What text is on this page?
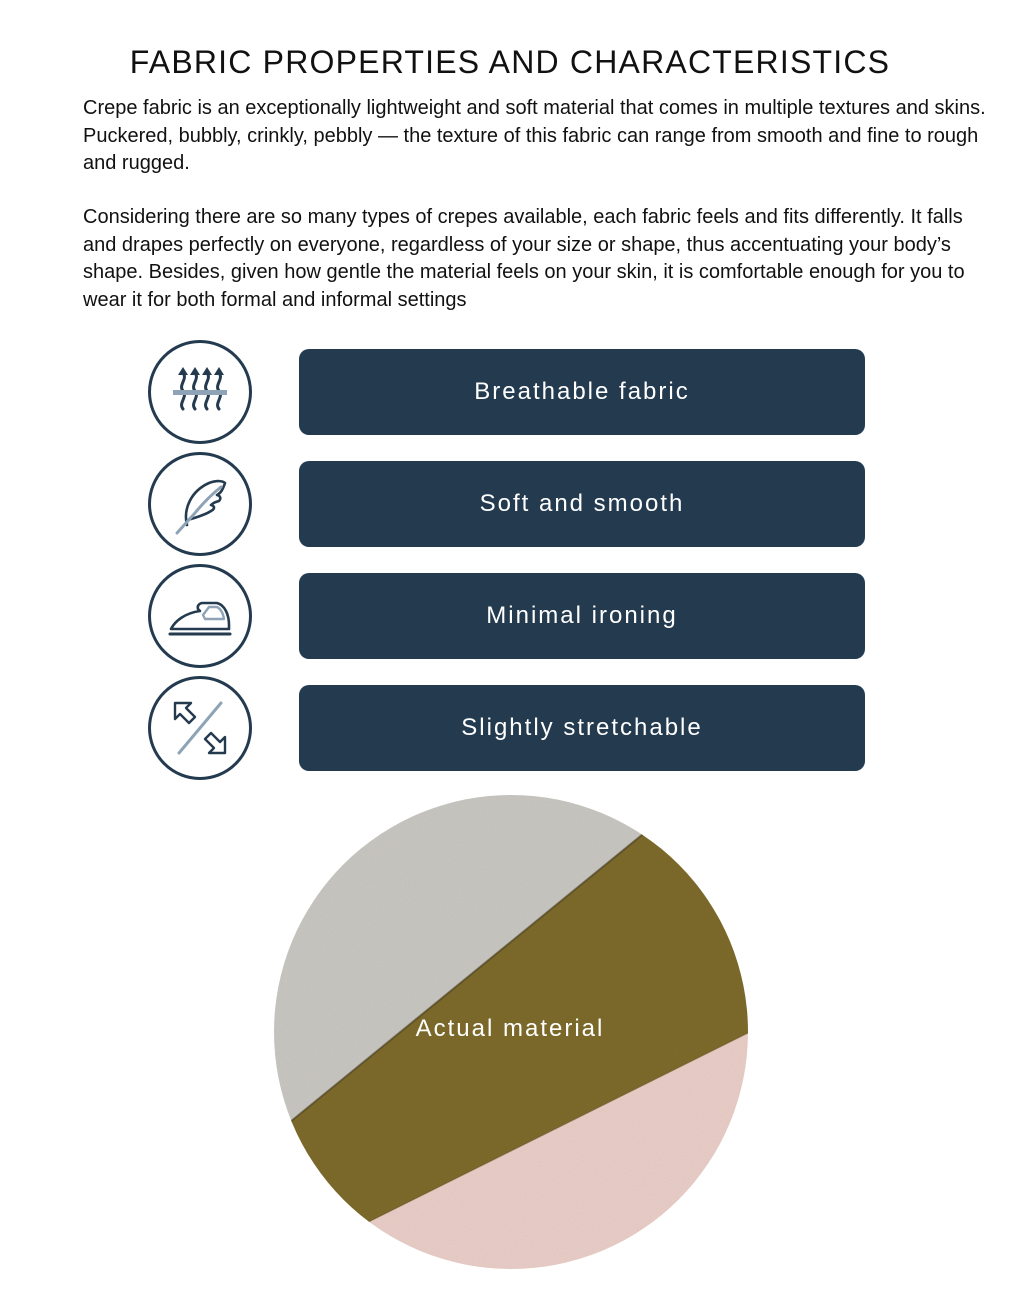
FABRIC PROPERTIES AND CHARACTERISTICS

Crepe fabric is an exceptionally lightweight and soft material that comes in multiple textures and skins. Puckered, bubbly, crinkly, pebbly — the texture of this fabric can range from smooth and fine to rough and rugged.

Considering there are so many types of crepes available, each fabric feels and fits differently. It falls and drapes perfectly on everyone, regardless of your size or shape, thus accentuating your body’s shape. Besides, given how gentle the material feels on your skin, it is comfortable enough for you to wear it for both formal and informal settings

Breathable fabric
Soft and smooth
Minimal ironing
Slightly stretchable
Actual material
